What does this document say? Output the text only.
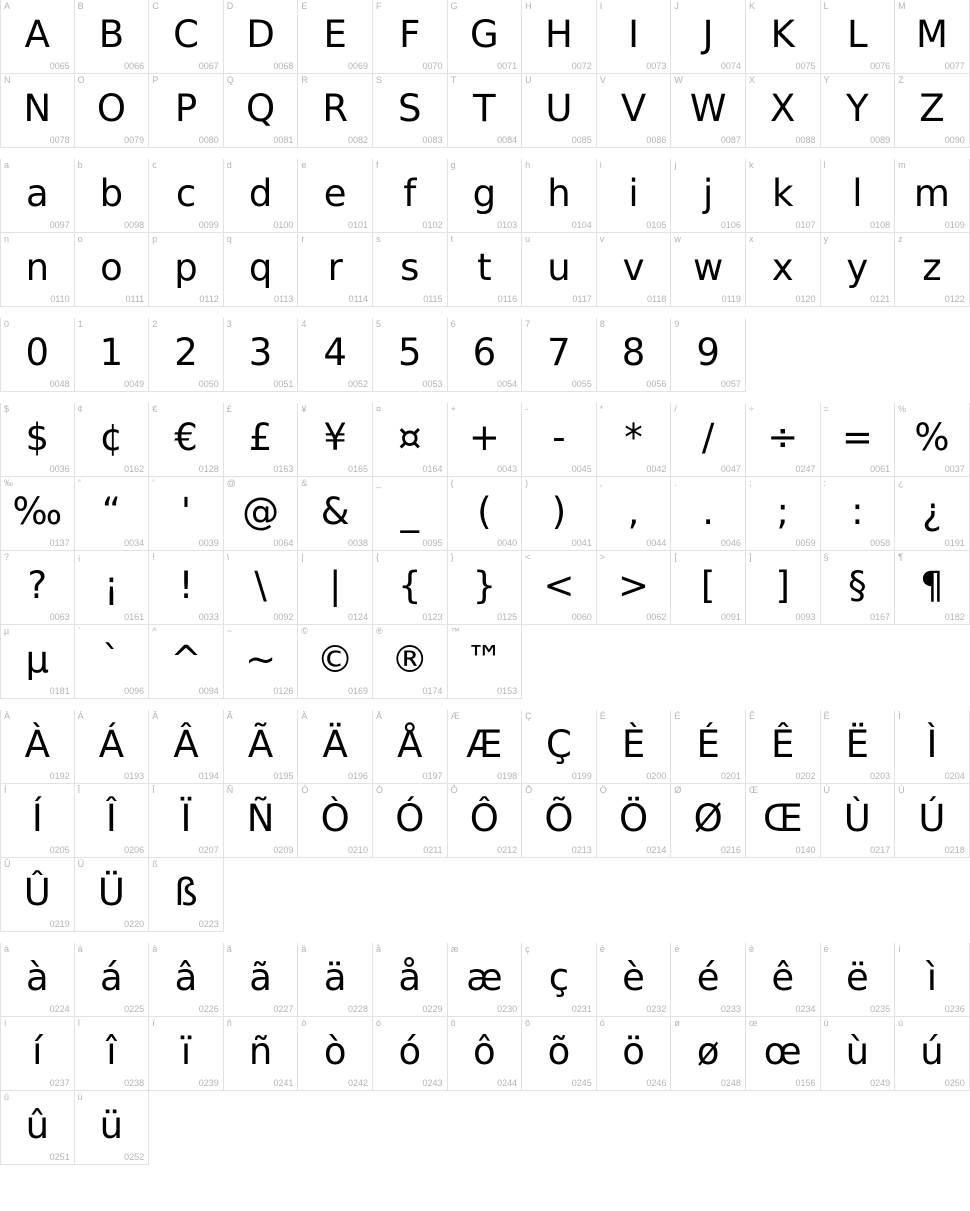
A
A
0065
B
B
0066
C
C
0067
D
D
0068
E
E
0069
F
F
0070
G
G
0071
H
H
0072
I
I
0073
J
J
0074
K
K
0075
L
L
0076
M
M
0077
N
N
0078
O
O
0079
P
P
0080
Q
Q
0081
R
R
0082
S
S
0083
T
T
0084
U
U
0085
V
V
0086
W
W
0087
X
X
0088
Y
Y
0089
Z
Z
0090
a
a
0097
b
b
0098
c
c
0099
d
d
0100
e
e
0101
f
f
0102
g
g
0103
h
h
0104
i
i
0105
j
j
0106
k
k
0107
l
l
0108
m
m
0109
n
n
0110
o
o
0111
p
p
0112
q
q
0113
r
r
0114
s
s
0115
t
t
0116
u
u
0117
v
v
0118
w
w
0119
x
x
0120
y
y
0121
z
z
0122
0
0
0048
1
1
0049
2
2
0050
3
3
0051
4
4
0052
5
5
0053
6
6
0054
7
7
0055
8
8
0056
9
9
0057
$
$
0036
¢
¢
0162
€
€
0128
£
£
0163
¥
¥
0165
¤
¤
0164
+
+
0043
-
-
0045
*
*
0042
/
/
0047
÷
÷
0247
=
=
0061
%
%
0037
‰
‰
0137
"
“
0034
'
'
0039
@
@
0064
&
&
0038
_
_
0095
(
(
0040
)
)
0041
,
,
0044
.
.
0046
;
;
0059
:
:
0058
¿
¿
0191
?
?
0063
¡
¡
0161
!
!
0033
\
\
0092
|
|
0124
{
{
0123
}
}
0125
<
<
0060
>
>
0062
[
[
0091
]
]
0093
§
§
0167
¶
¶
0182
µ
µ
0181
`
`
0096
^
^
0094
~
~
0126
©
©
0169
®
®
0174
™
™
0153
À
À
0192
Á
Á
0193
Â
Â
0194
Ã
Ã
0195
Ä
Ä
0196
Å
Å
0197
Æ
Æ
0198
Ç
Ç
0199
È
È
0200
É
É
0201
Ê
Ê
0202
Ë
Ë
0203
Ì
Ì
0204
Í
Í
0205
Î
Î
0206
Ï
Ï
0207
Ñ
Ñ
0209
Ò
Ò
0210
Ó
Ó
0211
Ô
Ô
0212
Õ
Õ
0213
Ö
Ö
0214
Ø
Ø
0216
Œ
Œ
0140
Ù
Ù
0217
Ú
Ú
0218
Û
Û
0219
Ü
Ü
0220
ß
ß
0223
à
à
0224
á
á
0225
â
â
0226
ã
ã
0227
ä
ä
0228
å
å
0229
æ
æ
0230
ç
ç
0231
è
è
0232
é
é
0233
ê
ê
0234
ë
ë
0235
ì
ì
0236
í
í
0237
î
î
0238
ï
ï
0239
ñ
ñ
0241
ò
ò
0242
ó
ó
0243
ô
ô
0244
õ
õ
0245
ö
ö
0246
ø
ø
0248
œ
œ
0156
ù
ù
0249
ú
ú
0250
û
û
0251
ü
ü
0252
